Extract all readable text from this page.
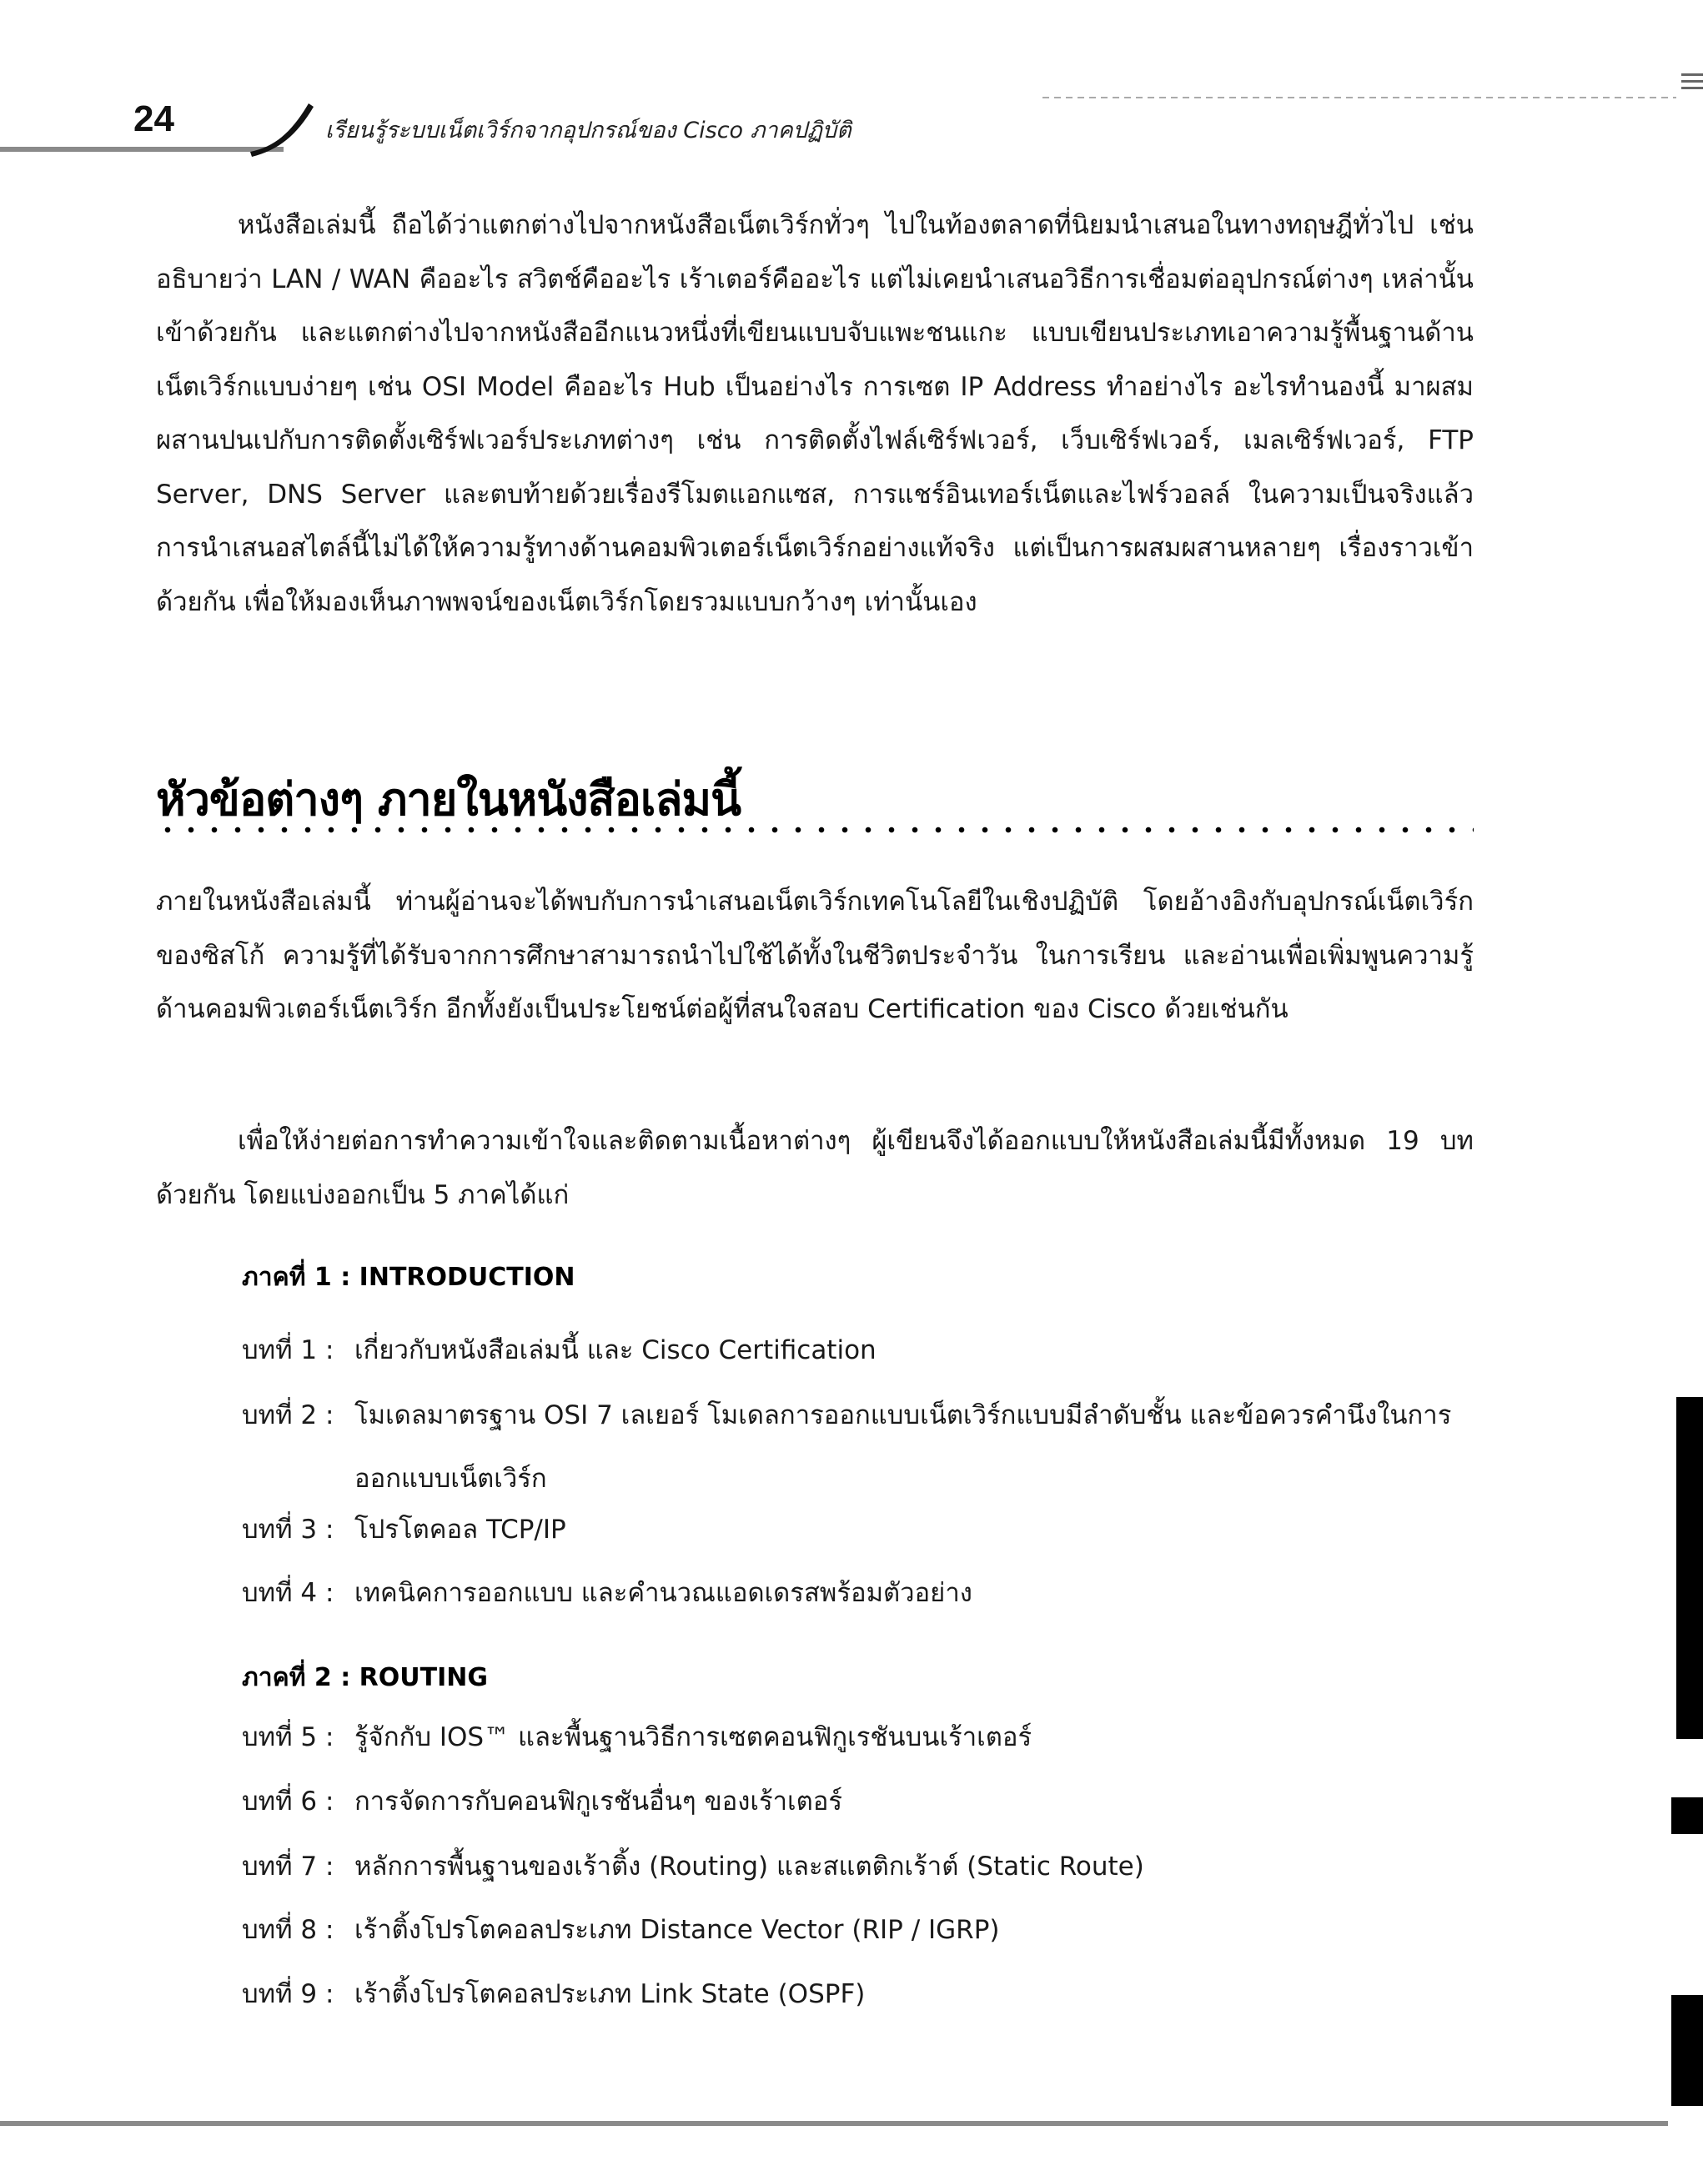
24	เรียนรู้ระบบเน็ตเวิร์กจากอุปกรณ์ของ Cisco ภาคปฏิบัติ

หนังสือเล่มนี้ ถือได้ว่าแตกต่างไปจากหนังสือเน็ตเวิร์กทั่วๆ ไปในท้องตลาดที่นิยมนำเสนอในทางทฤษฎีทั่วไป เช่น อธิบายว่า LAN / WAN คืออะไร สวิตช์คืออะไร เร้าเตอร์คืออะไร แต่ไม่เคยนำเสนอวิธีการเชื่อมต่ออุปกรณ์ต่างๆ เหล่านั้นเข้าด้วยกัน และแตกต่างไปจากหนังสืออีกแนวหนึ่งที่เขียนแบบจับแพะชนแกะ แบบเขียนประเภทเอาความรู้พื้นฐานด้านเน็ตเวิร์กแบบง่ายๆ เช่น OSI Model คืออะไร Hub เป็นอย่างไร การเซต IP Address ทำอย่างไร อะไรทำนองนี้ มาผสมผสานปนเปกับการติดตั้งเซิร์ฟเวอร์ประเภทต่างๆ เช่น การติดตั้งไฟล์เซิร์ฟเวอร์, เว็บเซิร์ฟเวอร์, เมลเซิร์ฟเวอร์, FTP Server, DNS Server และตบท้ายด้วยเรื่องรีโมตแอกแซส, การแชร์อินเทอร์เน็ตและไฟร์วอลล์ ในความเป็นจริงแล้ว การนำเสนอสไตล์นี้ไม่ได้ให้ความรู้ทางด้านคอมพิวเตอร์เน็ตเวิร์กอย่างแท้จริง แต่เป็นการผสมผสานหลายๆ เรื่องราวเข้าด้วยกัน เพื่อให้มองเห็นภาพพจน์ของเน็ตเวิร์กโดยรวมแบบกว้างๆ เท่านั้นเอง

หัวข้อต่างๆ ภายในหนังสือเล่มนี้

ภายในหนังสือเล่มนี้ ท่านผู้อ่านจะได้พบกับการนำเสนอเน็ตเวิร์กเทคโนโลยีในเชิงปฏิบัติ โดยอ้างอิงกับอุปกรณ์เน็ตเวิร์กของซิสโก้ ความรู้ที่ได้รับจากการศึกษาสามารถนำไปใช้ได้ทั้งในชีวิตประจำวัน ในการเรียน และอ่านเพื่อเพิ่มพูนความรู้ด้านคอมพิวเตอร์เน็ตเวิร์ก อีกทั้งยังเป็นประโยชน์ต่อผู้ที่สนใจสอบ Certification ของ Cisco ด้วยเช่นกัน

เพื่อให้ง่ายต่อการทำความเข้าใจและติดตามเนื้อหาต่างๆ ผู้เขียนจึงได้ออกแบบให้หนังสือเล่มนี้มีทั้งหมด 19 บทด้วยกัน โดยแบ่งออกเป็น 5 ภาคได้แก่

ภาคที่ 1 : INTRODUCTION
บทที่ 1 : เกี่ยวกับหนังสือเล่มนี้ และ Cisco Certification
บทที่ 2 : โมเดลมาตรฐาน OSI 7 เลเยอร์ โมเดลการออกแบบเน็ตเวิร์กแบบมีลำดับชั้น และข้อควรคำนึงในการออกแบบเน็ตเวิร์ก
บทที่ 3 : โปรโตคอล TCP/IP
บทที่ 4 : เทคนิคการออกแบบ และคำนวณแอดเดรสพร้อมตัวอย่าง
ภาคที่ 2 : ROUTING
บทที่ 5 : รู้จักกับ IOS™ และพื้นฐานวิธีการเซตคอนฟิกูเรชันบนเร้าเตอร์
บทที่ 6 : การจัดการกับคอนฟิกูเรชันอื่นๆ ของเร้าเตอร์
บทที่ 7 : หลักการพื้นฐานของเร้าติ้ง (Routing) และสแตติกเร้าต์ (Static Route)
บทที่ 8 : เร้าติ้งโปรโตคอลประเภท Distance Vector (RIP / IGRP)
บทที่ 9 : เร้าติ้งโปรโตคอลประเภท Link State (OSPF)
